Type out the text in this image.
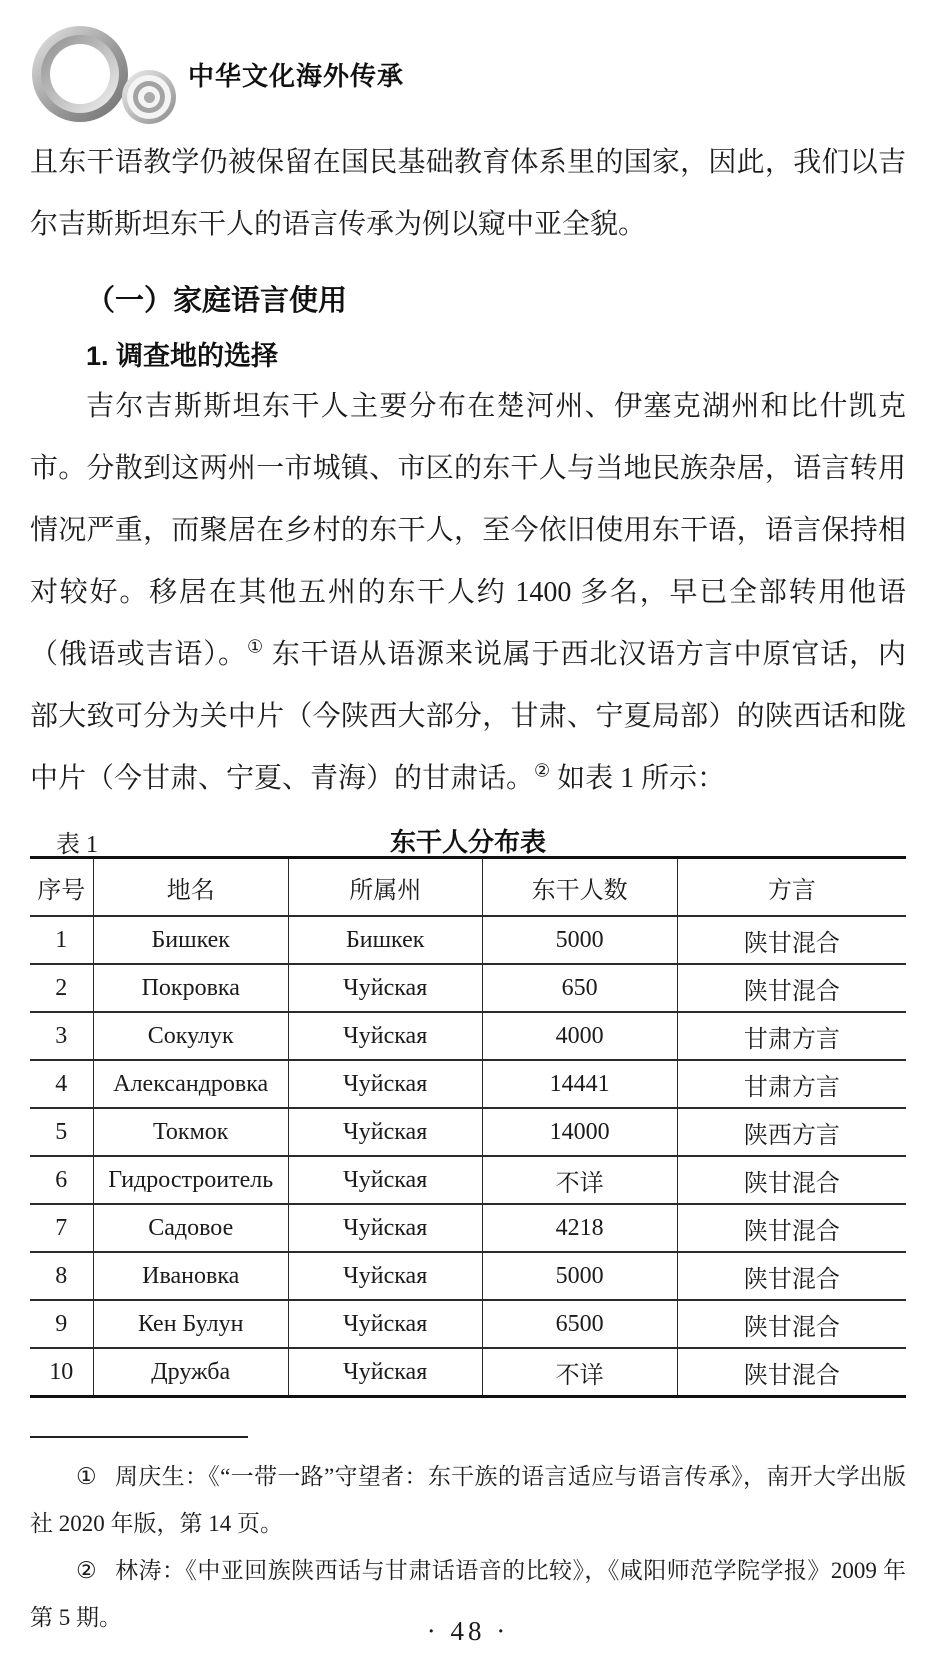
中华文化海外传承

且东干语教学仍被保留在国民基础教育体系里的国家，因此，我们以吉尔吉斯斯坦东干人的语言传承为例以窥中亚全貌。

（一）家庭语言使用
1. 调查地的选择

吉尔吉斯斯坦东干人主要分布在楚河州、伊塞克湖州和比什凯克市。分散到这两州一市城镇、市区的东干人与当地民族杂居，语言转用情况严重，而聚居在乡村的东干人，至今依旧使用东干语，语言保持相对较好。移居在其他五州的东干人约 1400 多名，早已全部转用他语（俄语或吉语）。① 东干语从语源来说属于西北汉语方言中原官话，内部大致可分为关中片（今陕西大部分，甘肃、宁夏局部）的陕西话和陇中片（今甘肃、宁夏、青海）的甘肃话。② 如表 1 所示：

表 1	东干人分布表
序号	地名	所属州	东干人数	方言
1	Бишкек	Бишкек	5000	陕甘混合
2	Покровка	Чуйская	650	陕甘混合
3	Сокулук	Чуйская	4000	甘肃方言
4	Александровка	Чуйская	14441	甘肃方言
5	Токмок	Чуйская	14000	陕西方言
6	Гидростроитель	Чуйская	不详	陕甘混合
7	Садовое	Чуйская	4218	陕甘混合
8	Ивановка	Чуйская	5000	陕甘混合
9	Кен Булун	Чуйская	6500	陕甘混合
10	Дружба	Чуйская	不详	陕甘混合

① 周庆生：《“一带一路”守望者：东干族的语言适应与语言传承》，南开大学出版社 2020 年版，第 14 页。

② 林涛：《中亚回族陕西话与甘肃话语音的比较》，《咸阳师范学院学报》2009 年第 5 期。	· 48 ·
